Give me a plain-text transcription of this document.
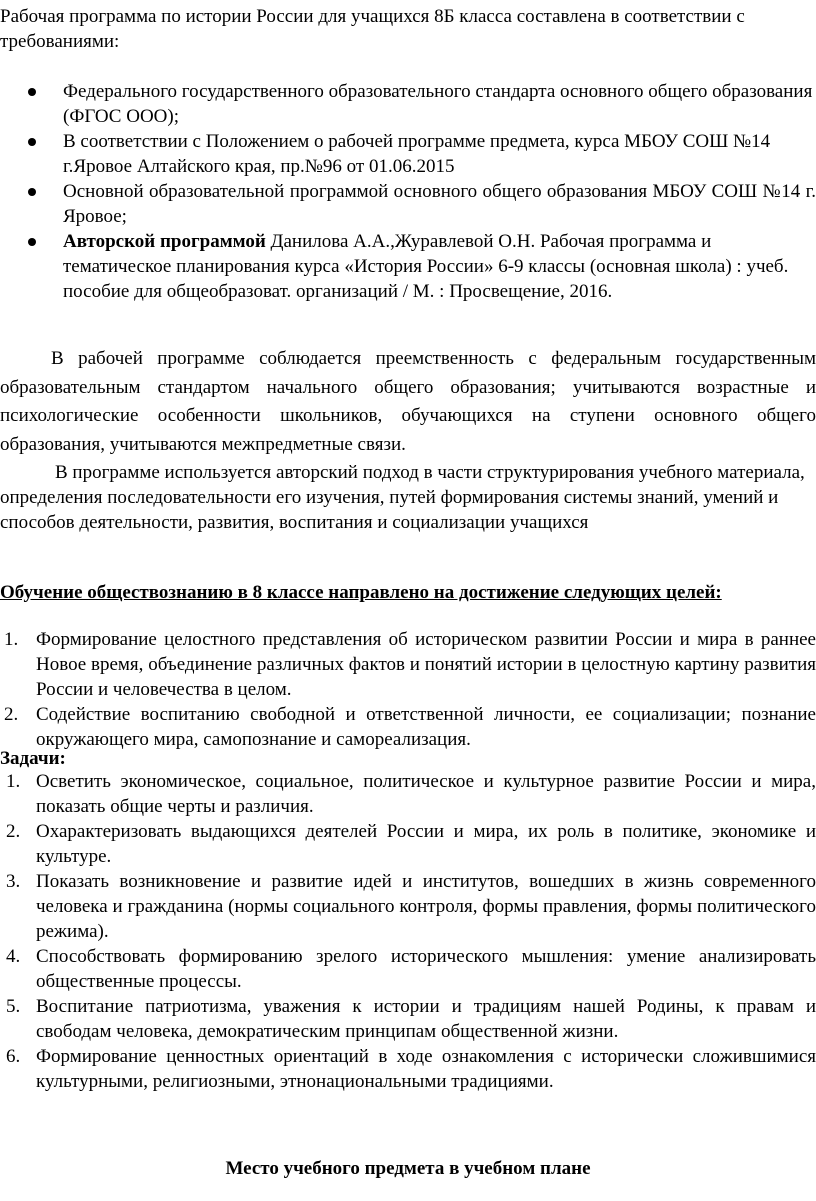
Рабочая программа по истории России для учащихся 8Б класса составлена в соответствии с требованиями:

Федерального государственного образовательного стандарта основного общего образования (ФГОС ООО);
В соответствии с Положением о рабочей программе предмета, курса МБОУ СОШ №14 г.Яровое Алтайского края, пр.№96 от 01.06.2015
Основной образовательной программой основного общего образования МБОУ СОШ №14 г. Яровое;
Авторской программой Данилова А.А.,Журавлевой О.Н. Рабочая программа и тематическое планирования курса «История России» 6-9 классы (основная школа) : учеб. пособие для общеобразоват. организаций / М. : Просвещение, 2016.

В рабочей программе соблюдается преемственность с федеральным государственным образовательным стандартом начального общего образования; учитываются возрастные и психологические особенности школьников, обучающихся на ступени основного общего образования, учитываются межпредметные связи.

В программе используется авторский подход в части структурирования учебного материала, определения последовательности его изучения, путей формирования системы знаний, умений и способов деятельности, развития, воспитания и социализации учащихся

Обучение обществознанию в 8 классе направлено на достижение следующих целей:

1. Формирование целостного представления об историческом развитии России и мира в раннее Новое время, объединение различных фактов и понятий истории в целостную картину развития России и человечества в целом.
2. Содействие воспитанию свободной и ответственной личности, ее социализации; познание окружающего мира, самопознание и самореализация.

Задачи:

1. Осветить экономическое, социальное, политическое и культурное развитие России и мира, показать общие черты и различия.
2. Охарактеризовать выдающихся деятелей России и мира, их роль в политике, экономике и культуре.
3. Показать возникновение и развитие идей и институтов, вошедших в жизнь современного человека и гражданина (нормы социального контроля, формы правления, формы политического режима).
4. Способствовать формированию зрелого исторического мышления: умение анализировать общественные процессы.
5. Воспитание патриотизма, уважения к истории и традициям нашей Родины, к правам и свободам человека, демократическим принципам общественной жизни.
6. Формирование ценностных ориентаций в ходе ознакомления с исторически сложившимися культурными, религиозными, этнонациональными традициями.

Место учебного предмета в учебном плане
